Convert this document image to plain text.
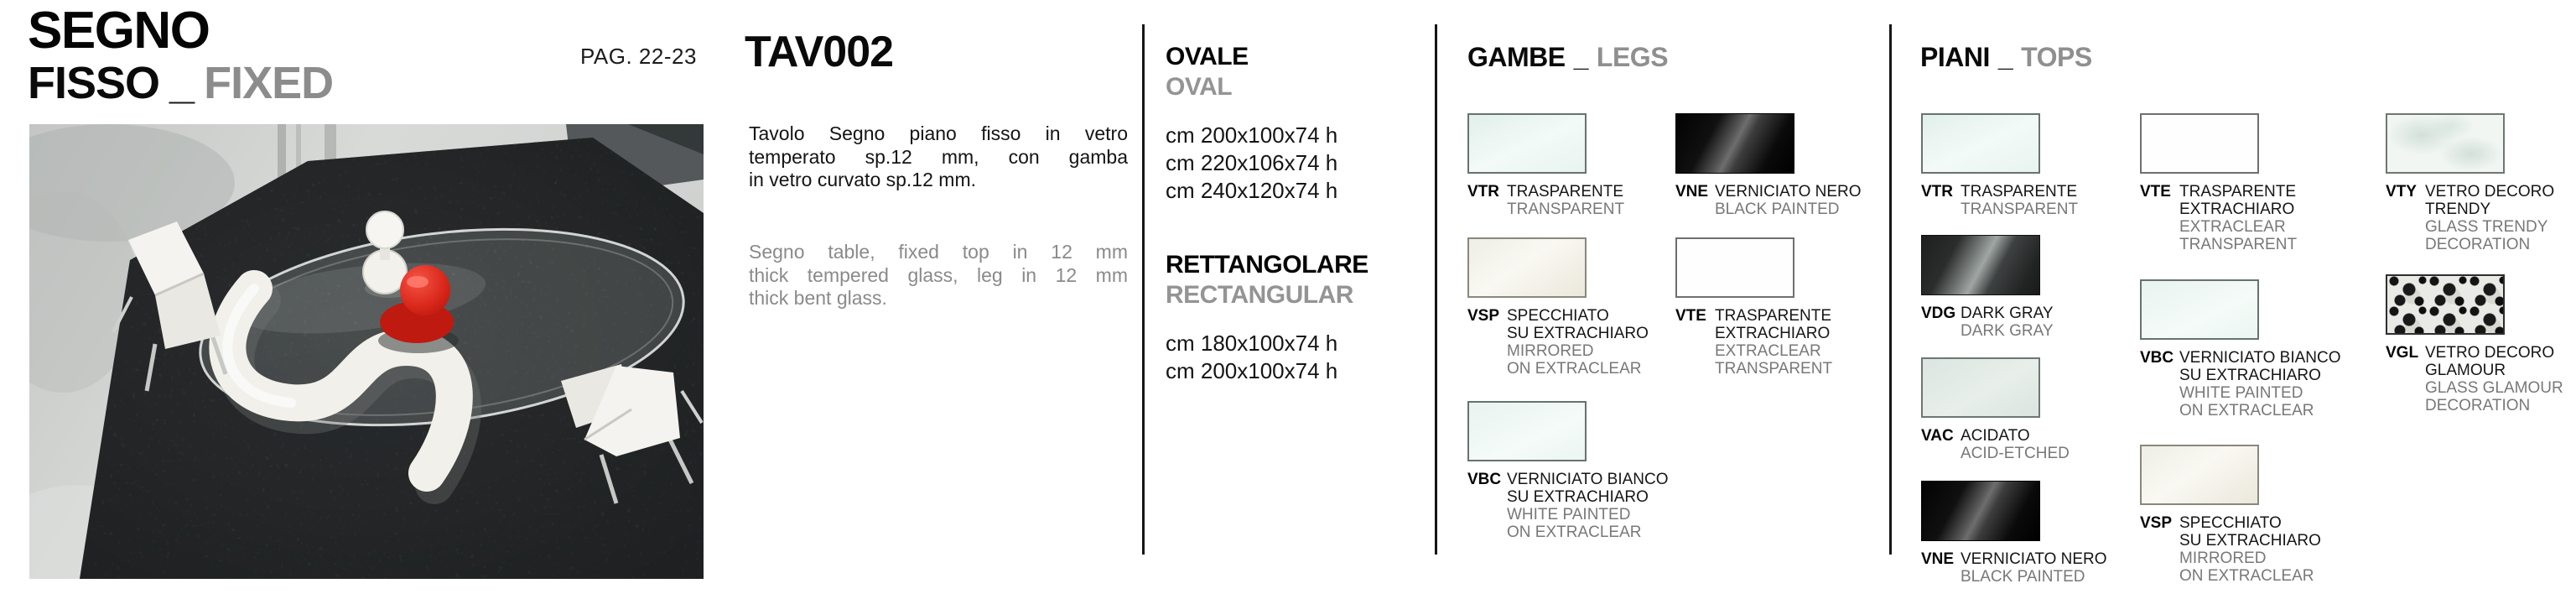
SEGNO
FISSO _ FIXED
PAG. 22-23 TAV002
Tavolo Segno piano fisso in vetro
temperato sp.12 mm, con gamba
in vetro curvato sp.12 mm.
Segno table, fixed top in 12 mm
thick tempered glass, leg in 12 mm
thick bent glass.
OVALE
OVAL
cm 200x100x74 h
cm 220x106x74 h
cm 240x120x74 h
RETTANGOLARE
RECTANGULAR
cm 180x100x74 h
cm 200x100x74 h
GAMBE _ LEGS	PIANI _ TOPS
VTR TRASPARENTE
TRANSPARENT
VNE VERNICIATO NERO
BLACK PAINTED
VSP SPECCHIATO
SU EXTRACHIARO
MIRRORED
ON EXTRACLEAR
VTE TRASPARENTE
EXTRACHIARO
EXTRACLEAR
TRANSPARENT
VBC VERNICIATO BIANCO
SU EXTRACHIARO
WHITE PAINTED
ON EXTRACLEAR
VTR TRASPARENTE
TRANSPARENT
VDG DARK GRAY
DARK GRAY
VAC ACIDATO
ACID-ETCHED
VNE VERNICIATO NERO
BLACK PAINTED
VTE TRASPARENTE
EXTRACHIARO
EXTRACLEAR
TRANSPARENT
VBC VERNICIATO BIANCO
SU EXTRACHIARO
WHITE PAINTED
ON EXTRACLEAR
VSP SPECCHIATO
SU EXTRACHIARO
MIRRORED
ON EXTRACLEAR
VTY VETRO DECORO
TRENDY
GLASS TRENDY
DECORATION
VGL VETRO DECORO
GLAMOUR
GLASS GLAMOUR
DECORATION
